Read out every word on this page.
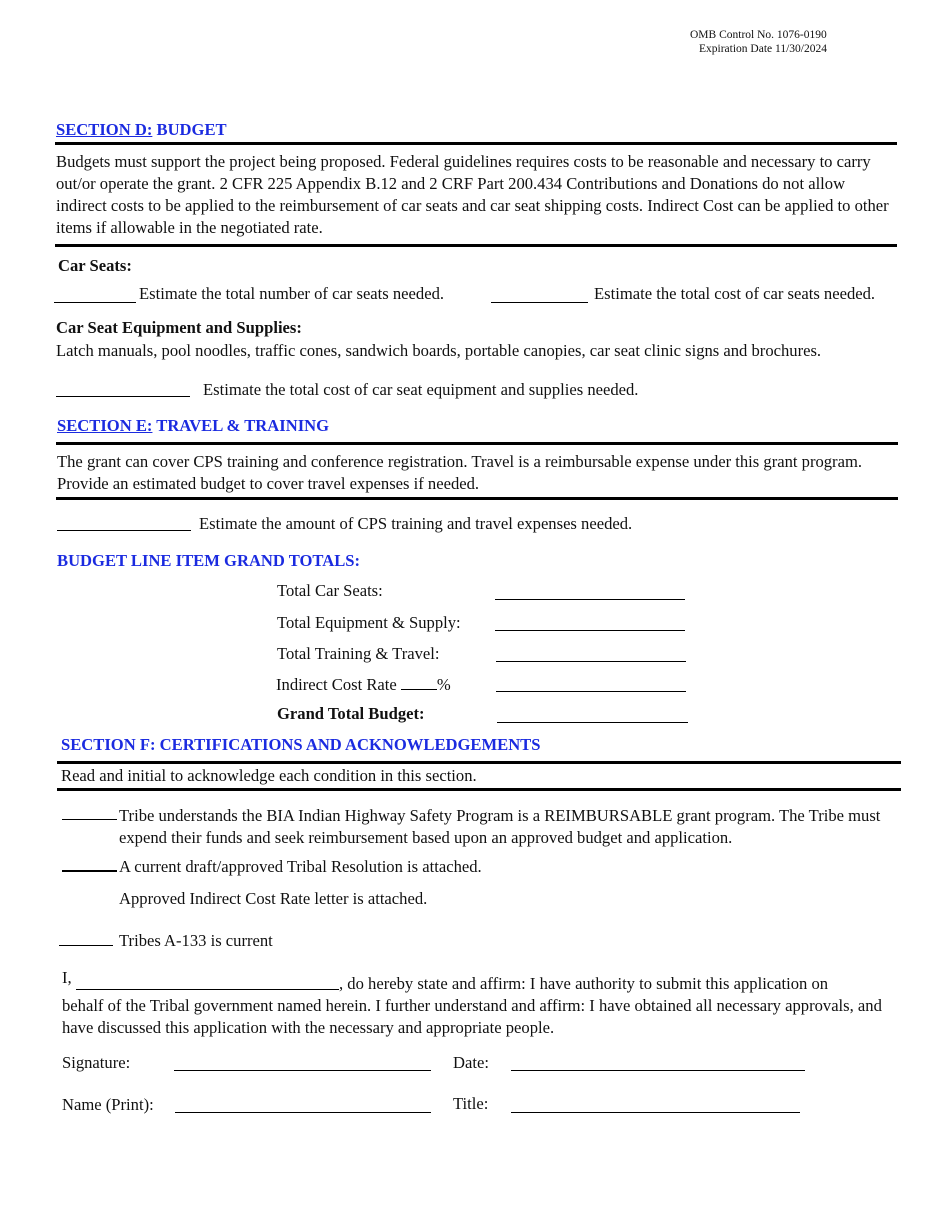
OMB Control No. 1076-0190
Expiration Date 11/30/2024
SECTION D: BUDGET
Budgets must support the project being proposed. Federal guidelines requires costs to be reasonable and necessary to carry out/or operate the grant. 2 CFR 225 Appendix B.12 and 2 CRF Part 200.434 Contributions and Donations do not allow indirect costs to be applied to the reimbursement of car seats and car seat shipping costs. Indirect Cost can be applied to other items if allowable in the negotiated rate.
Car Seats:
Estimate the total number of car seats needed.	Estimate the total cost of car seats needed.
Car Seat Equipment and Supplies:
Latch manuals, pool noodles, traffic cones, sandwich boards, portable canopies, car seat clinic signs and brochures.
Estimate the total cost of car seat equipment and supplies needed.
SECTION E: TRAVEL & TRAINING
The grant can cover CPS training and conference registration. Travel is a reimbursable expense under this grant program. Provide an estimated budget to cover travel expenses if needed.
Estimate the amount of CPS training and travel expenses needed.
BUDGET LINE ITEM GRAND TOTALS:
Total Car Seats:
Total Equipment & Supply:
Total Training & Travel:
Indirect Cost Rate %
Grand Total Budget:
SECTION F: CERTIFICATIONS AND ACKNOWLEDGEMENTS
Read and initial to acknowledge each condition in this section.
Tribe understands the BIA Indian Highway Safety Program is a REIMBURSABLE grant program. The Tribe must expend their funds and seek reimbursement based upon an approved budget and application.
A current draft/approved Tribal Resolution is attached.
Approved Indirect Cost Rate letter is attached.
Tribes A-133 is current
I,	, do hereby state and affirm: I have authority to submit this application on
behalf of the Tribal government named herein. I further understand and affirm: I have obtained all necessary approvals, and have discussed this application with the necessary and appropriate people.
Signature:	Date:
Name (Print):	Title:
